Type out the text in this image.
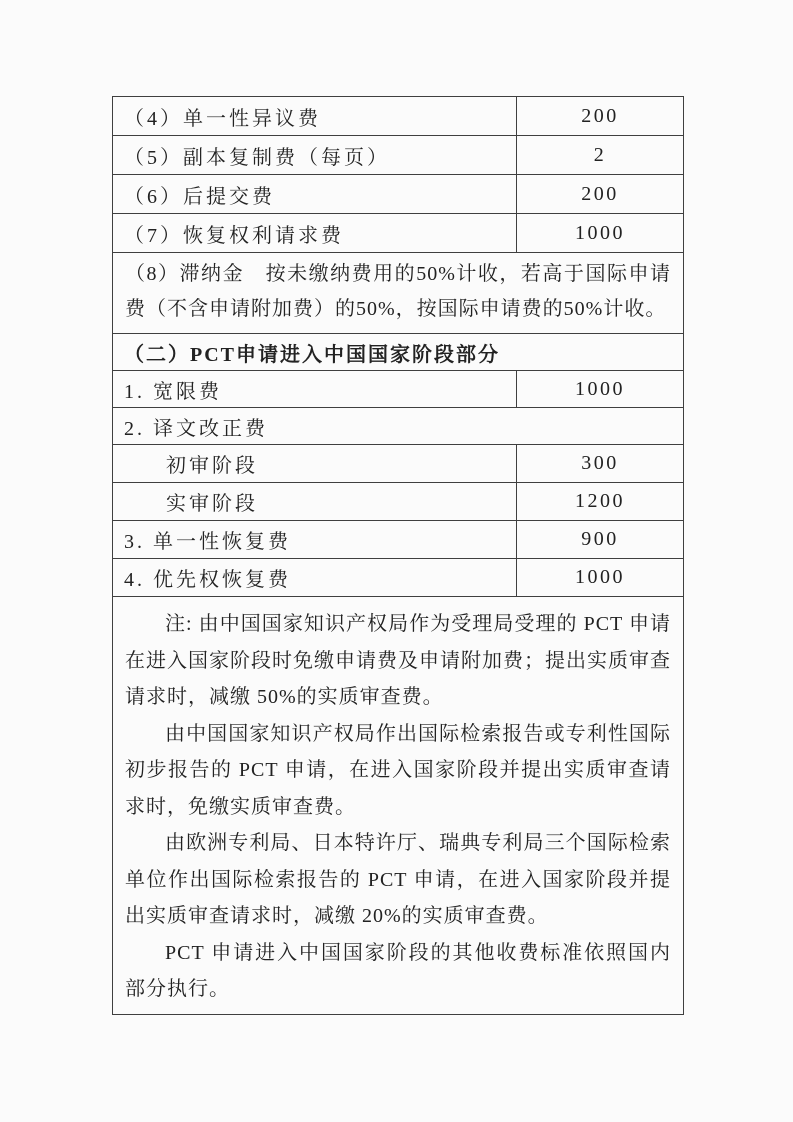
（4）单一性异议费	200
（5）副本复制费（每页）	2
（6）后提交费	200
（7）恢复权利请求费	1000
（8）滞纳金　按未缴纳费用的50%计收，若高于国际申请费（不含申请附加费）的50%，按国际申请费的50%计收。	
（二）PCT申请进入中国国家阶段部分	
1. 宽限费	1000
2. 译文改正费	
初审阶段	300
实审阶段	1200
3. 单一性恢复费	900
4. 优先权恢复费	1000

注: 由中国国家知识产权局作为受理局受理的 PCT 申请在进入国家阶段时免缴申请费及申请附加费；提出实质审查请求时，减缴 50%的实质审查费。

由中国国家知识产权局作出国际检索报告或专利性国际初步报告的 PCT 申请，在进入国家阶段并提出实质审查请求时，免缴实质审查费。

由欧洲专利局、日本特许厅、瑞典专利局三个国际检索单位作出国际检索报告的 PCT 申请，在进入国家阶段并提出实质审查请求时，减缴 20%的实质审查费。

PCT 申请进入中国国家阶段的其他收费标准依照国内部分执行。	
